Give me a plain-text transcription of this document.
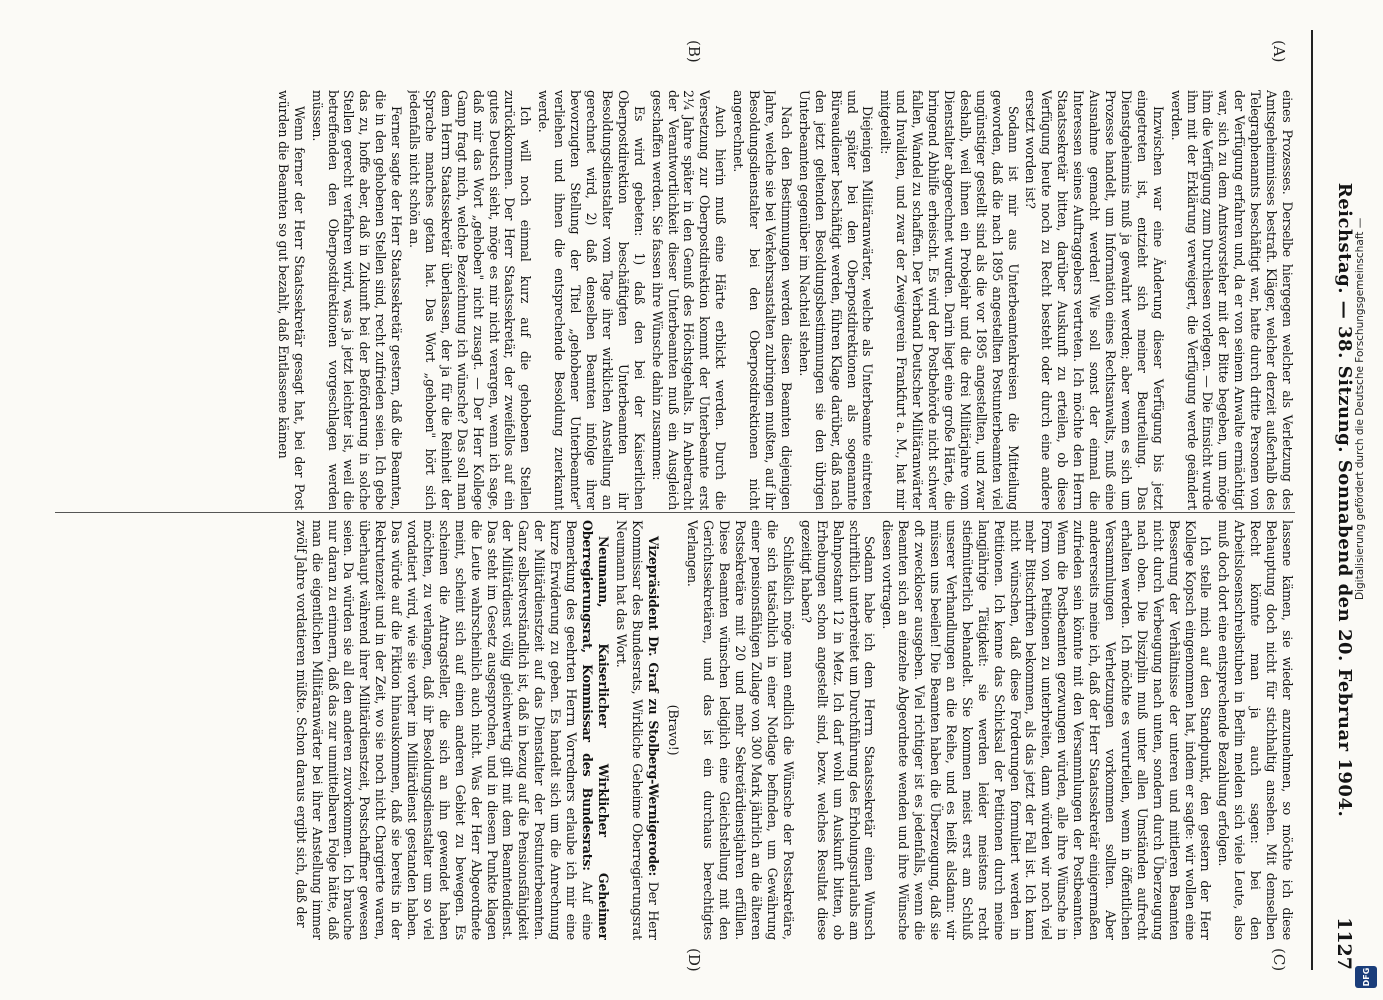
Reichstag. — 38. Sitzung. Sonnabend den 20. Februar 1904.
1127
(A)
(B)
(C)
(D)

eines Prozesses. Derselbe hiergegen welcher als Verletzung des Amtsgeheimnisses bestraft. Kläger, welcher derzeit außerhalb des Telegraphenamts beschäftigt war, hatte durch dritte Personen von der Verfügung erfahren und, da er von seinem Anwalte ermächtigt war, sich zu dem Amtsvorsteher mit der Bitte begeben, um möge ihm die Verfügung zum Durchlesen vorlegen. — Die Einsicht wurde ihm mit der Erklärung verweigert, die Verfügung werde geändert werden.

Inzwischen war eine Änderung dieser Verfügung bis jetzt eingetreten ist, entzieht sich meiner Beurteilung. Das Dienstgeheimnis muß ja gewahrt werden; aber wenn es sich um Prozesse handelt, um Information eines Rechtsanwalts, muß eine Ausnahme gemacht werden! Wie soll sonst der einmal die Interessen seines Auftraggebers vertreten. Ich möchte den Herrn Staatssekretär bitten, darüber Auskunft zu erteilen, ob diese Verfügung heute noch zu Recht besteht oder durch eine andere ersetzt worden ist?

Sodann ist mir aus Unterbeamtenkreisen die Mitteilung geworden, daß die nach 1895 angestellten Postunterbeamten viel ungünstiger gestellt sind als die vor 1895 angestellten, und zwar deshalb, weil ihnen ein Probejahr und die drei Militärjahre vom Dienstalter abgerechnet wurden. Darin liegt eine große Härte, die bringend Abhilfe erheischt. Es wird der Postbehörde nicht schwer fallen, Wandel zu schaffen. Der Verband Deutscher Militäranwärter und Invaliden, und zwar der Zweigverein Frankfurt a. M., hat mir mitgeteilt:

Diejenigen Militäranwärter, welche als Unterbeamte eintreten und später bei den Oberpostdirektionen als sogenannte Büreaudiener beschäftigt werden, führen Klage darüber, daß nach den jetzt geltenden Besoldungsbestimmungen sie den übrigen Unterbeamten gegenüber im Nachteil stehen.

Nach den Bestimmungen werden diesen Beamten diejenigen Jahre, welche sie bei Verkehrsanstalten zubringen mußten, auf ihr Besoldungsdienstalter bei den Oberpostdirektionen nicht angerechnet.

Auch hierin muß eine Härte erblickt werden. Durch die Versetzung zur Oberpostdirektion kommt der Unterbeamte erst 2¼ Jahre später in den Genuß des Höchstgehalts. In Anbetracht der Verantwortlichkeit dieser Unterbeamten muß ein Ausgleich geschaffen werden. Sie fassen ihre Wünsche dahin zusammen:

Es wird gebeten: 1) daß den bei der Kaiserlichen Oberpostdirektion beschäftigten Unterbeamten ihr Besoldungsdienstalter vom Tage ihrer wirklichen Anstellung an gerechnet wird, 2) daß denselben Beamten infolge ihrer bevorzugten Stellung der Titel „gehobener Unterbeamter" verliehen und ihnen die entsprechende Besoldung zuerkannt werde.

Ich will noch einmal kurz auf die gehobenen Stellen zurückkommen. Der Herr Staatssekretär, der zweifellos auf ein gutes Deutsch sieht, möge es mir nicht verargen, wenn ich sage, daß mir das Wort „gehoben" nicht zusagt. — Der Herr Kollege Gamp fragt mich, welche Bezeichnung ich wünsche? Das soll man dem Herrn Staatssekretär überlassen, der ja für die Reinheit der Sprache manches getan hat. Das Wort „gehoben" hört sich jedenfalls nicht schön an.

Ferner sagte der Herr Staatssekretär gestern, daß die Beamten, die in den gehobenen Stellen sind, recht zufrieden seien. Ich gebe das zu, hoffe aber, daß in Zukunft bei der Beförderung in solche Stellen gerecht verfahren wird, was ja jetzt leichter ist, weil die betreffenden den Oberpostdirektionen vorgeschlagen werden müssen.

Wenn ferner der Herr Staatssekretär gesagt hat, bei der Post würden die Beamten so gut bezahlt, daß Entlassene kämen

lassene kämen, sie wieder anzunehmen, so möchte ich diese Behauptung doch nicht für stichhaltig ansehen. Mit demselben Recht könnte man ja auch sagen: bei den Arbeitslosenschreibstuben in Berlin melden sich viele Leute, also muß doch dort eine entsprechende Bezahlung erfolgen.

Ich stelle mich auf den Standpunkt, den gestern der Herr Kollege Kopsch eingenommen hat, indem er sagte: wir wollen eine Besserung der Verhältnisse der unteren und mittleren Beamten nicht durch Verbeugung nach unten, sondern durch Überzeugung nach oben. Die Disziplin muß unter allen Umständen aufrecht erhalten werden. Ich möchte es verurteilen, wenn in öffentlichen Versammlungen Verhetzungen vorkommen sollten. Aber andererseits meine ich, daß der Herr Staatssekretär einigermaßen zufrieden sein könnte mit den Versammlungen der Postbeamten. Wenn die Postbeamten gezwungen würden, alle ihre Wünsche in Form von Petitionen zu unterbreiten, dann würden wir noch viel mehr Bittschriften bekommen, als das jetzt der Fall ist. Ich kann nicht wünschen, daß diese Forderungen formuliert werden in Petitionen. Ich kenne das Schicksal der Petitionen durch meine langjährige Tätigkeit: sie werden leider meistens recht stiefmütterlich behandelt. Sie kommen meist erst am Schluß unserer Verhandlungen an die Reihe, und es heißt alsdann: wir müssen uns beeilen! Die Beamten haben die Überzeugung, daß sie oft zweckloser ausgeben. Viel richtiger ist es jedenfalls, wenn die Beamten sich an einzelne Abgeordnete wenden und ihre Wünsche diesen vortragen.

Sodann habe ich dem Herrn Staatssekretär einen Wunsch schriftlich unterbreitet um Durchführung des Erholungsurlaubs am Bahnpostamt 12 in Metz. Ich darf wohl um Auskunft bitten, ob Erhebungen schon angestellt sind, bezw. welches Resultat diese gezeitigt haben?

Schließlich möge man endlich die Wünsche der Postsekretäre, die sich tatsächlich in einer Notlage befinden, um Gewährung einer pensionsfähigen Zulage von 300 Mark jährlich an die älteren Postsekretäre mit 20 und mehr Sekretärdienstjahren erfüllen. Diese Beamten wünschen lediglich eine Gleichstellung mit den Gerichtssekretären, und das ist ein durchaus berechtigtes Verlangen.

(Bravo!)

Vizepräsident Dr. Graf zu Stolberg-Wernigerode: Der Herr Kommissar des Bundesrats, Wirkliche Geheime Oberregierungsrat Neumann hat das Wort.

Neumann, Kaiserlicher Wirklicher Geheimer Oberregierungsrat, Kommissar des Bundesrats: Auf eine Bemerkung des geehrten Herrn Vorredners erlaube ich mir eine kurze Erwiderung zu geben. Es handelt sich um die Anrechnung der Militärdienstzeit auf das Dienstalter der Postunterbeamten. Ganz selbstverständlich ist, daß in bezug auf die Pensionsfähigkeit der Militärdienst völlig gleichwertig gilt mit dem Beamtendienst. Das steht im Gesetz ausgesprochen, und in diesem Punkte klagen die Leute wahrscheinlich auch nicht. Was der Herr Abgeordnete meint, scheint sich auf einen anderen Gebiet zu bewegen. Es scheinen die Antragsteller, die sich an ihn gewendet haben möchten, zu verlangen, daß ihr Besoldungsdienstalter um so viel vordatiert wird, wie sie vorher im Militärdienst gestanden haben. Das würde auf die Fiktion hinauskommen, daß sie bereits in der Rekrutenzeit und in der Zeit, wo sie noch nicht Chargierte waren, überhaupt während ihrer Militärdienstzeit, Postschaffner gewesen seien. Da würden sie all den anderen zuvorkommen. Ich brauche nur daran zu erinnern, daß das zur unmittelbaren Folge hätte, daß man die eigentlichen Militäranwärter bei ihrer Anstellung immer zwölf Jahre vordatieren müßte. Schon daraus ergibt sich, daß der

Digitalisierung gefördert durch die Deutsche Forschungsgemeinschaft —
DFG
